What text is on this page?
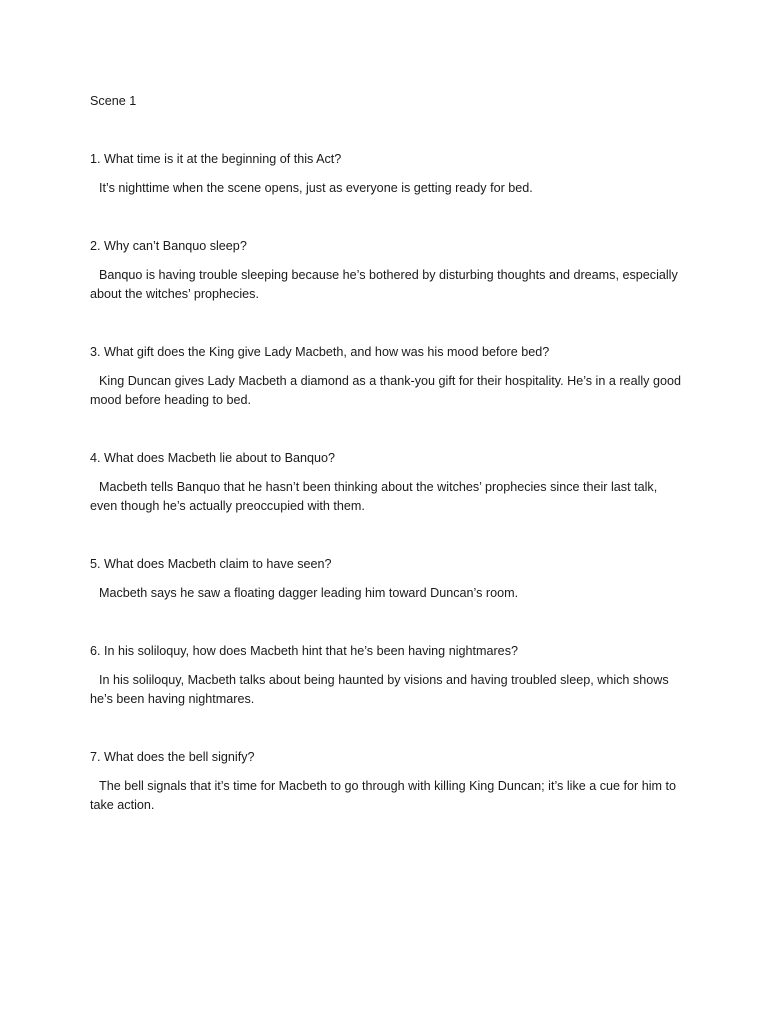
Scene 1

1. What time is it at the beginning of this Act?

It’s nighttime when the scene opens, just as everyone is getting ready for bed.

2. Why can’t Banquo sleep?

Banquo is having trouble sleeping because he’s bothered by disturbing thoughts and dreams, especially about the witches’ prophecies.

3. What gift does the King give Lady Macbeth, and how was his mood before bed?

King Duncan gives Lady Macbeth a diamond as a thank-you gift for their hospitality. He’s in a really good mood before heading to bed.

4. What does Macbeth lie about to Banquo?

Macbeth tells Banquo that he hasn’t been thinking about the witches’ prophecies since their last talk, even though he’s actually preoccupied with them.

5. What does Macbeth claim to have seen?

Macbeth says he saw a floating dagger leading him toward Duncan’s room.

6. In his soliloquy, how does Macbeth hint that he’s been having nightmares?

In his soliloquy, Macbeth talks about being haunted by visions and having troubled sleep, which shows he’s been having nightmares.

7. What does the bell signify?

The bell signals that it’s time for Macbeth to go through with killing King Duncan; it’s like a cue for him to take action.
